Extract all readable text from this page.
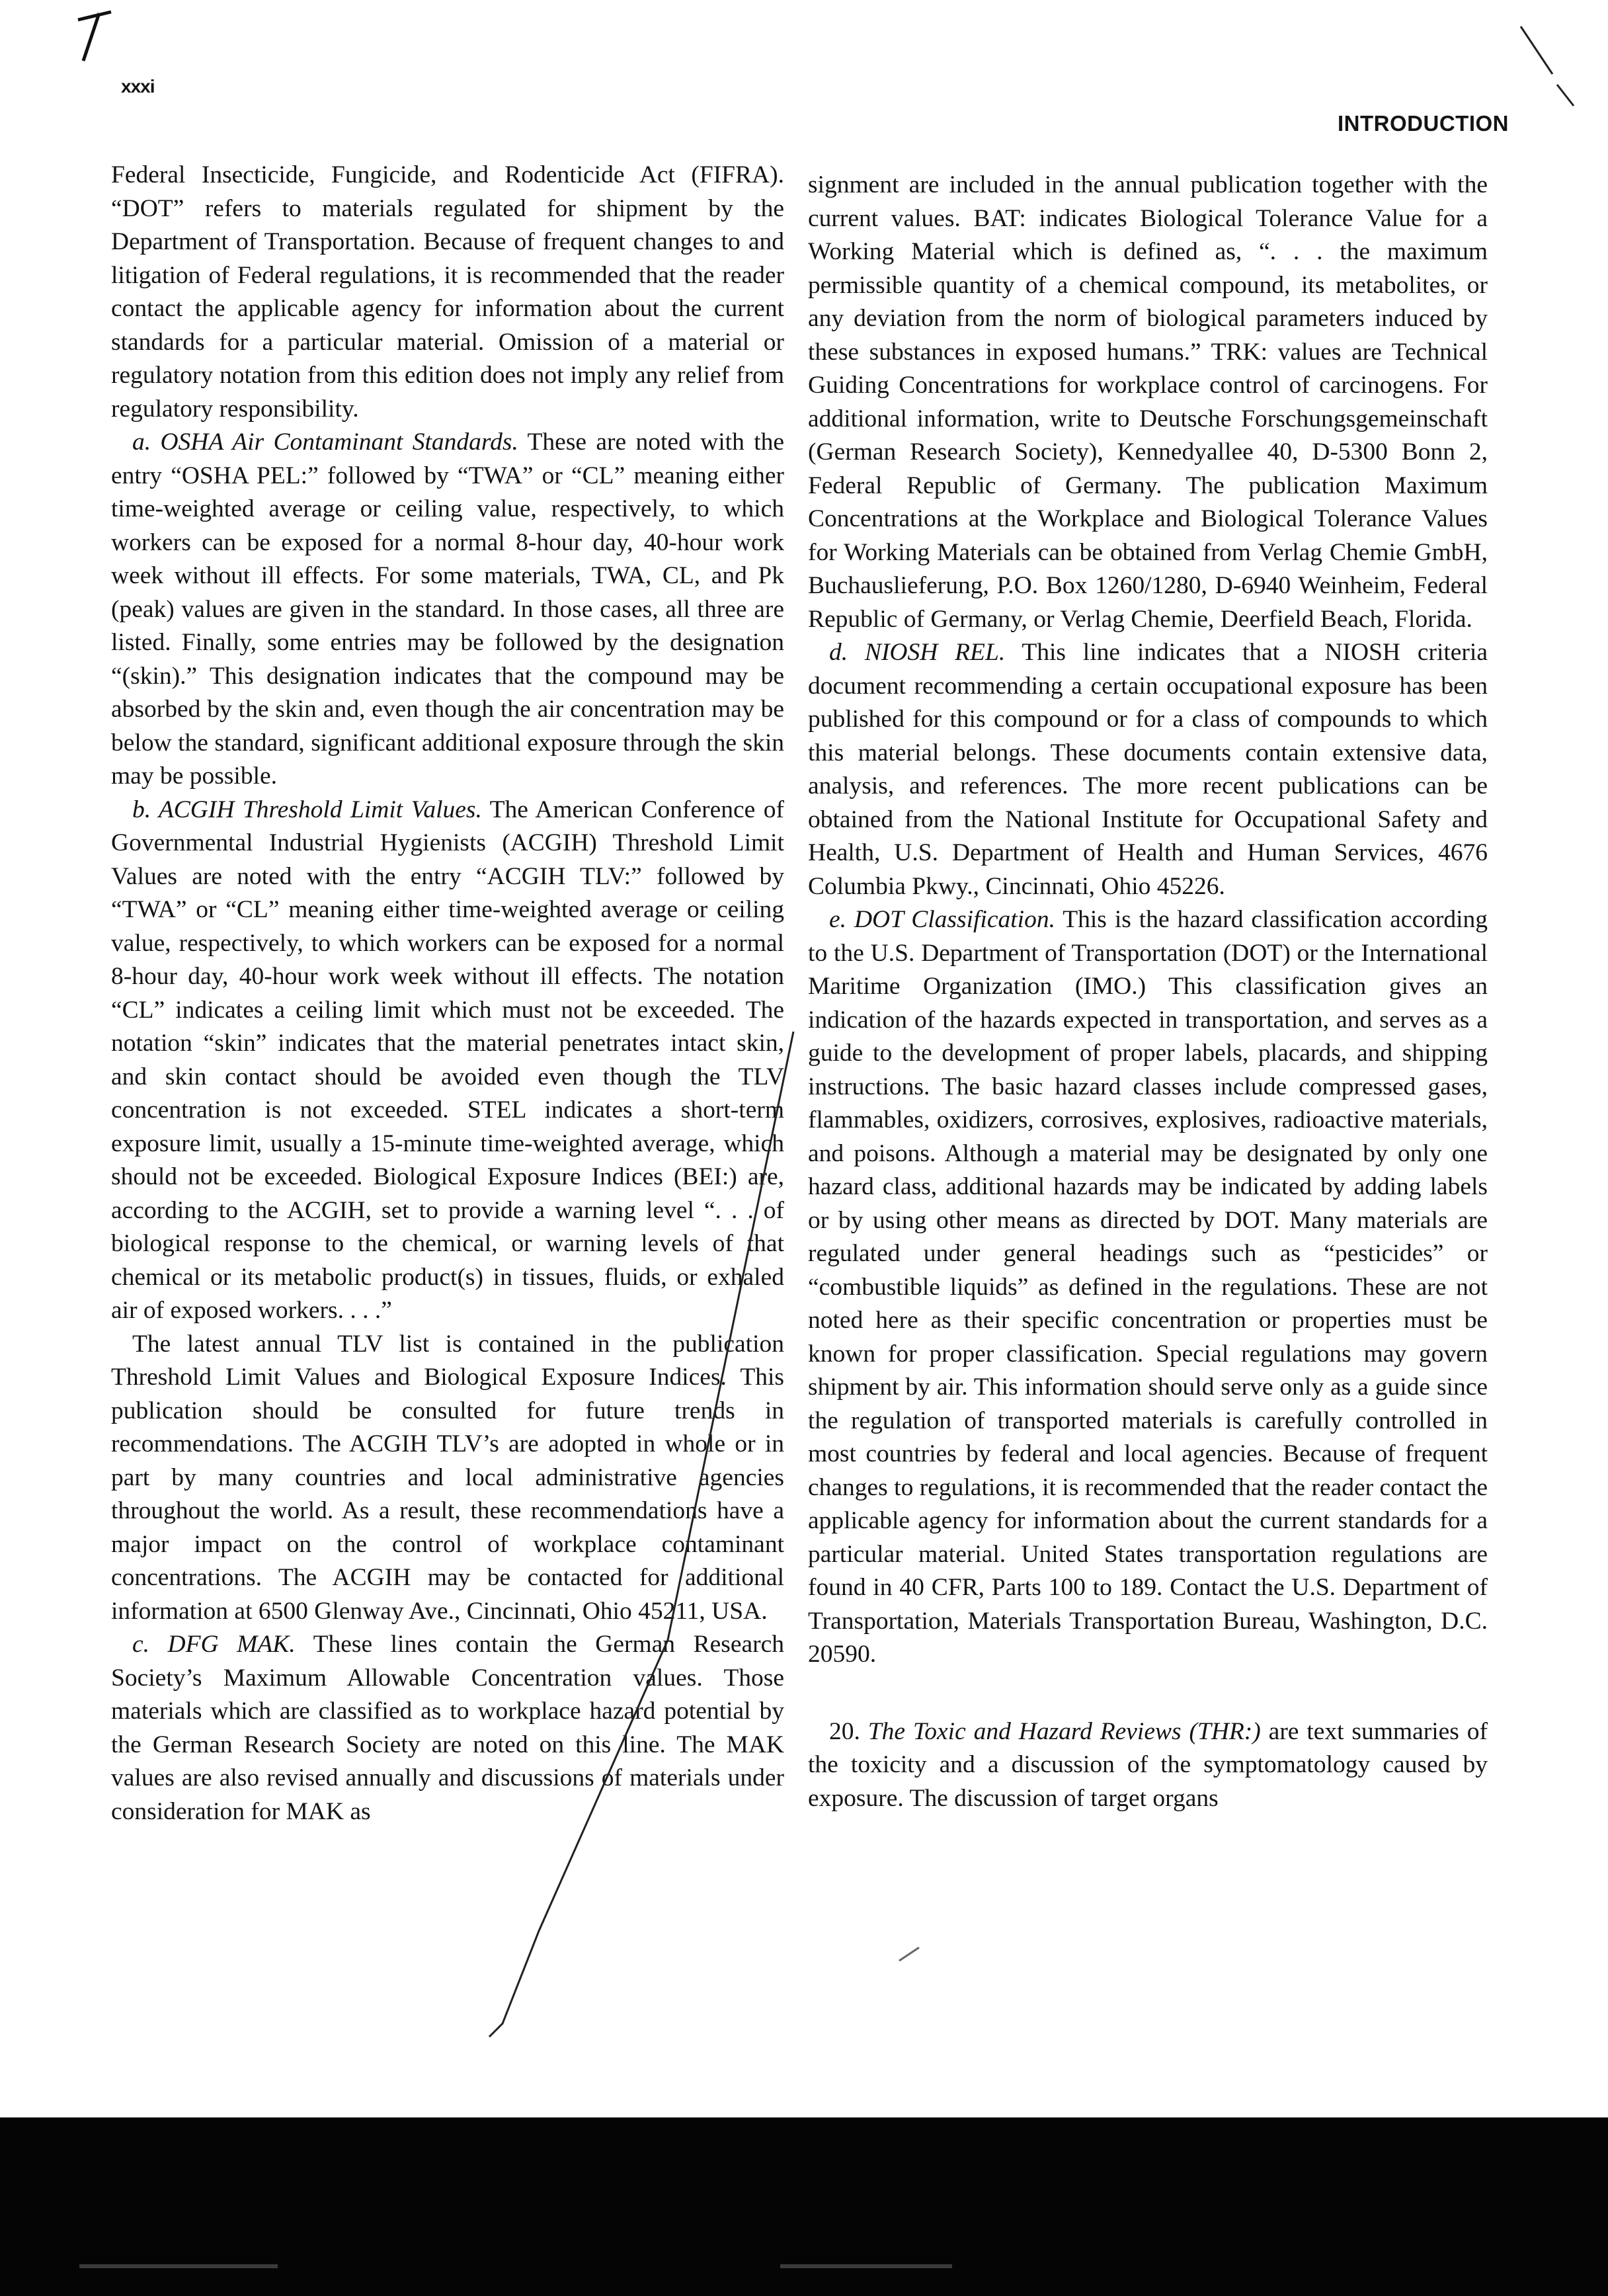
xxxi
INTRODUCTION

Federal Insecticide, Fungicide, and Rodenticide Act (FIFRA). “DOT” refers to materials regulated for shipment by the Department of Transportation. Because of frequent changes to and litigation of Federal regulations, it is recommended that the reader contact the applicable agency for information about the current standards for a particular material. Omission of a material or regulatory notation from this edition does not imply any relief from regulatory responsibility.

a. OSHA Air Contaminant Standards. These are noted with the entry “OSHA PEL:” followed by “TWA” or “CL” meaning either time-weighted average or ceiling value, respectively, to which workers can be exposed for a normal 8-hour day, 40-hour work week without ill effects. For some materials, TWA, CL, and Pk (peak) values are given in the standard. In those cases, all three are listed. Finally, some entries may be followed by the designation “(skin).” This designation indicates that the compound may be absorbed by the skin and, even though the air concentration may be below the standard, significant additional exposure through the skin may be possible.

b. ACGIH Threshold Limit Values. The American Conference of Governmental Industrial Hygienists (ACGIH) Threshold Limit Values are noted with the entry “ACGIH TLV:” followed by “TWA” or “CL” meaning either time-weighted average or ceiling value, respectively, to which workers can be exposed for a normal 8-hour day, 40-hour work week without ill effects. The notation “CL” indicates a ceiling limit which must not be exceeded. The notation “skin” indicates that the material penetrates intact skin, and skin contact should be avoided even though the TLV concentration is not exceeded. STEL indicates a short-term exposure limit, usually a 15-minute time-weighted average, which should not be exceeded. Biological Exposure Indices (BEI:) are, according to the ACGIH, set to provide a warning level “. . . of biological response to the chemical, or warning levels of that chemical or its metabolic product(s) in tissues, fluids, or exhaled air of exposed workers. . . .”

The latest annual TLV list is contained in the publication Threshold Limit Values and Biological Exposure Indices. This publication should be consulted for future trends in recommendations. The ACGIH TLV’s are adopted in whole or in part by many countries and local administrative agencies throughout the world. As a result, these recommendations have a major impact on the control of workplace contaminant concentrations. The ACGIH may be contacted for additional information at 6500 Glenway Ave., Cincinnati, Ohio 45211, USA.

c. DFG MAK. These lines contain the German Research Society’s Maximum Allowable Concentration values. Those materials which are classified as to workplace hazard potential by the German Research Society are noted on this line. The MAK values are also revised annually and discussions of materials under consideration for MAK as

signment are included in the annual publication together with the current values. BAT: indicates Biological Tolerance Value for a Working Material which is defined as, “. . . the maximum permissible quantity of a chemical compound, its metabolites, or any deviation from the norm of biological parameters induced by these substances in exposed humans.” TRK: values are Technical Guiding Concentrations for workplace control of carcinogens. For additional information, write to Deutsche Forschungsgemeinschaft (German Research Society), Kennedyallee 40, D-5300 Bonn 2, Federal Republic of Germany. The publication Maximum Concentrations at the Workplace and Biological Tolerance Values for Working Materials can be obtained from Verlag Chemie GmbH, Buchauslieferung, P.O. Box 1260/1280, D-6940 Weinheim, Federal Republic of Germany, or Verlag Chemie, Deerfield Beach, Florida.

d. NIOSH REL. This line indicates that a NIOSH criteria document recommending a certain occupational exposure has been published for this compound or for a class of compounds to which this material belongs. These documents contain extensive data, analysis, and references. The more recent publications can be obtained from the National Institute for Occupational Safety and Health, U.S. Department of Health and Human Services, 4676 Columbia Pkwy., Cincinnati, Ohio 45226.

e. DOT Classification. This is the hazard classification according to the U.S. Department of Transportation (DOT) or the International Maritime Organization (IMO.) This classification gives an indication of the hazards expected in transportation, and serves as a guide to the development of proper labels, placards, and shipping instructions. The basic hazard classes include compressed gases, flammables, oxidizers, corrosives, explosives, radioactive materials, and poisons. Although a material may be designated by only one hazard class, additional hazards may be indicated by adding labels or by using other means as directed by DOT. Many materials are regulated under general headings such as “pesticides” or “combustible liquids” as defined in the regulations. These are not noted here as their specific concentration or properties must be known for proper classification. Special regulations may govern shipment by air. This information should serve only as a guide since the regulation of transported materials is carefully controlled in most countries by federal and local agencies. Because of frequent changes to regulations, it is recommended that the reader contact the applicable agency for information about the current standards for a particular material. United States transportation regulations are found in 40 CFR, Parts 100 to 189. Contact the U.S. Department of Transportation, Materials Transportation Bureau, Washington, D.C. 20590.

20. The Toxic and Hazard Reviews (THR:) are text summaries of the toxicity and a discussion of the symptomatology caused by exposure. The discussion of target organs
